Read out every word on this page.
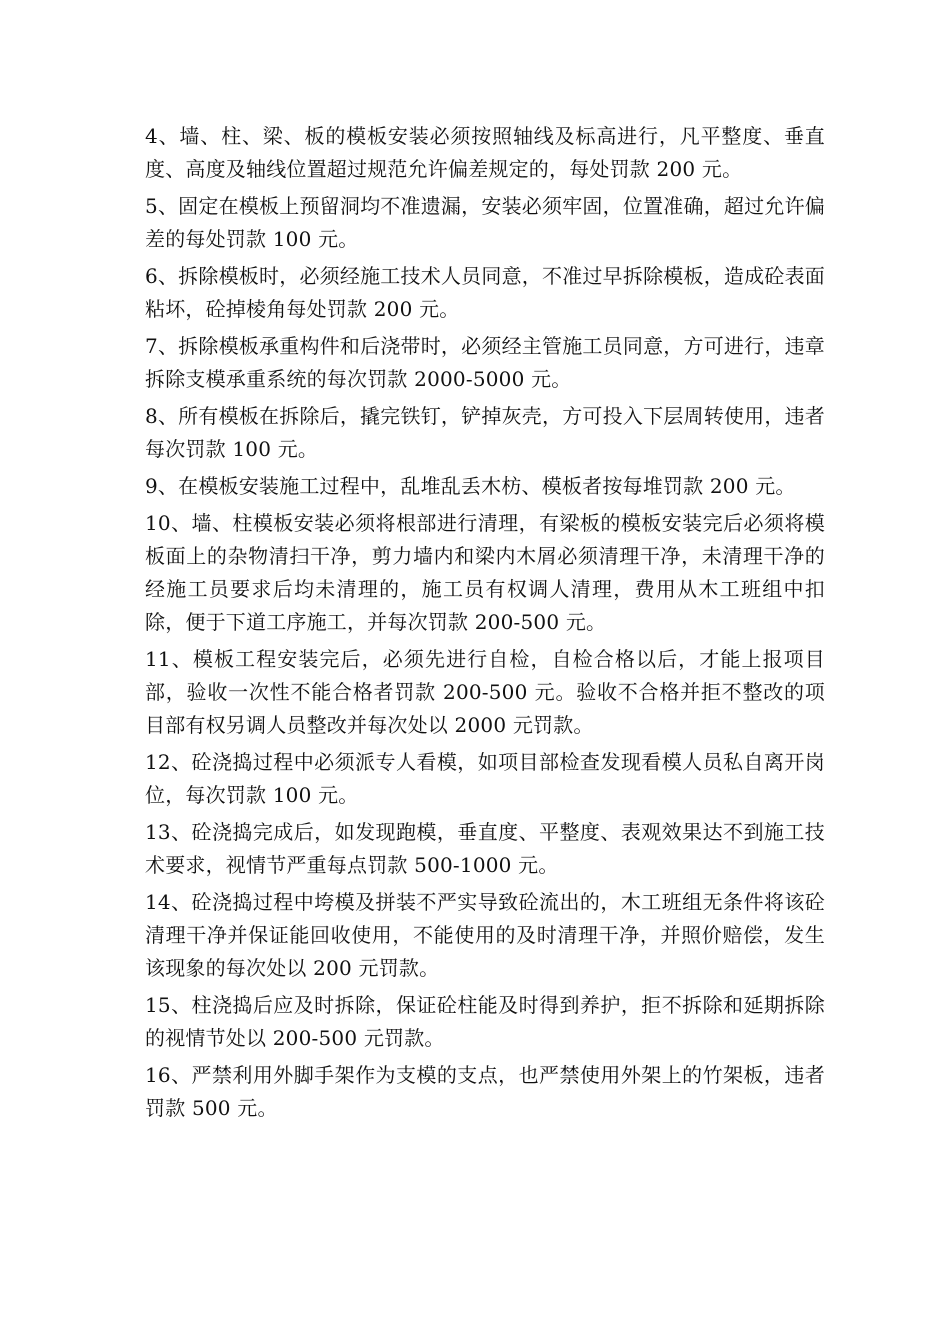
4、墙、柱、梁、板的模板安装必须按照轴线及标高进行，凡平整度、垂直度、高度及轴线位置超过规范允许偏差规定的，每处罚款 200 元。

5、固定在模板上预留洞均不准遗漏，安装必须牢固，位置准确，超过允许偏差的每处罚款 100 元。

6、拆除模板时，必须经施工技术人员同意，不准过早拆除模板，造成砼表面粘坏，砼掉棱角每处罚款 200 元。

7、拆除模板承重构件和后浇带时，必须经主管施工员同意，方可进行，违章拆除支模承重系统的每次罚款 2000-5000 元。

8、所有模板在拆除后，撬完铁钉，铲掉灰壳，方可投入下层周转使用，违者每次罚款 100 元。

9、在模板安装施工过程中，乱堆乱丢木枋、模板者按每堆罚款 200 元。

10、墙、柱模板安装必须将根部进行清理，有梁板的模板安装完后必须将模板面上的杂物清扫干净，剪力墙内和梁内木屑必须清理干净，未清理干净的经施工员要求后均未清理的，施工员有权调人清理，费用从木工班组中扣除，便于下道工序施工，并每次罚款 200-500 元。

11、模板工程安装完后，必须先进行自检，自检合格以后，才能上报项目部，验收一次性不能合格者罚款 200-500 元。验收不合格并拒不整改的项目部有权另调人员整改并每次处以 2000 元罚款。

12、砼浇捣过程中必须派专人看模，如项目部检查发现看模人员私自离开岗位，每次罚款 100 元。

13、砼浇捣完成后，如发现跑模，垂直度、平整度、表观效果达不到施工技术要求，视情节严重每点罚款 500-1000 元。

14、砼浇捣过程中垮模及拼装不严实导致砼流出的，木工班组无条件将该砼清理干净并保证能回收使用，不能使用的及时清理干净，并照价赔偿，发生该现象的每次处以 200 元罚款。

15、柱浇捣后应及时拆除，保证砼柱能及时得到养护，拒不拆除和延期拆除的视情节处以 200-500 元罚款。

16、严禁利用外脚手架作为支模的支点，也严禁使用外架上的竹架板，违者罚款 500 元。
